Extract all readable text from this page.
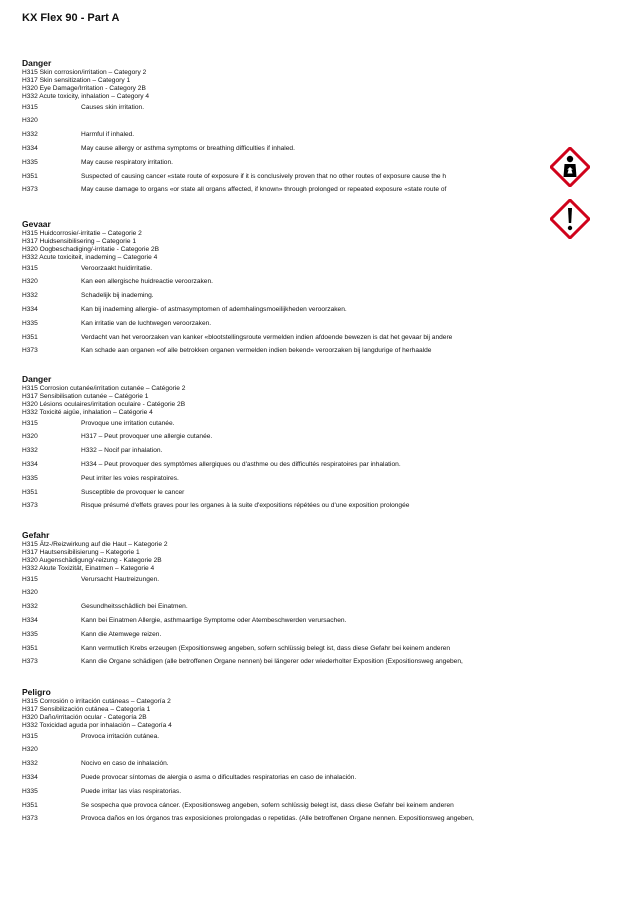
KX Flex 90 - Part A
Danger
H315 Skin corrosion/irritation – Category 2
H317 Skin sensitization – Category 1
H320 Eye Damage/Irritation - Category 2B
H332 Acute toxicity, inhalation – Category 4
H315	Causes skin irritation.
H320
H332	Harmful if inhaled.
H334	May cause allergy or asthma symptoms or breathing difficulties if inhaled.
H335	May cause respiratory irritation.
H351	Suspected of causing cancer «state route of exposure if it is conclusively proven that no other routes of exposure cause the h
H373	May cause damage to organs «or state all organs affected, if known» through prolonged or repeated exposure «state route of
Gevaar
H315 Huidcorrosie/-irritatie – Categorie 2
H317 Huidsensibilisering – Categorie 1
H320 Oogbeschadiging/-irritatie - Categorie 2B
H332 Acute toxiciteit, inademing – Categorie 4
H315	Veroorzaakt huidirritatie.
H320	Kan een allergische huidreactie veroorzaken.
H332	Schadelijk bij inademing.
H334	Kan bij inademing allergie- of astmasymptomen of ademhalingsmoeilijkheden veroorzaken.
H335	Kan irritatie van de luchtwegen veroorzaken.
H351	Verdacht van het veroorzaken van kanker «blootstellingsroute vermelden indien afdoende bewezen is dat het gevaar bij andere
H373	Kan schade aan organen «of alle betrokken organen vermelden indien bekend» veroorzaken bij langdurige of herhaalde
Danger
H315 Corrosion cutanée/irritation cutanée – Catégorie 2
H317 Sensibilisation cutanée – Catégorie 1
H320 Lésions oculaires/irritation oculaire - Catégorie 2B
H332 Toxicité aigüe, inhalation – Catégorie 4
H315	Provoque une irritation cutanée.
H320	H317 – Peut provoquer une allergie cutanée.
H332	H332 – Nocif par inhalation.
H334	H334 – Peut provoquer des symptômes allergiques ou d'asthme ou des difficultés respiratoires par inhalation.
H335	Peut irriter les voies respiratoires.
H351	Susceptible de provoquer le cancer
H373	Risque présumé d'effets graves pour les organes à la suite d'expositions répétées ou d'une exposition prolongée
Gefahr
H315 Ätz-/Reizwirkung auf die Haut – Kategorie 2
H317 Hautsensibilisierung – Kategorie 1
H320 Augenschädigung/-reizung - Kategorie 2B
H332 Akute Toxizität, Einatmen – Kategorie 4
H315	Verursacht Hautreizungen.
H320
H332	Gesundheitsschädlich bei Einatmen.
H334	Kann bei Einatmen Allergie, asthmaartige Symptome oder Atembeschwerden verursachen.
H335	Kann die Atemwege reizen.
H351	Kann vermutlich Krebs erzeugen (Expositionsweg angeben, sofern schlüssig belegt ist, dass diese Gefahr bei keinem anderen
H373	Kann die Organe schädigen (alle betroffenen Organe nennen) bei längerer oder wiederholter Exposition (Expositionsweg angeben,
Peligro
H315 Corrosión o irritación cutáneas – Categoría 2
H317 Sensibilización cutánea – Categoría 1
H320 Daño/irritación ocular - Categoría 2B
H332 Toxicidad aguda por inhalación – Categoría 4
H315	Provoca irritación cutánea.
H320
H332	Nocivo en caso de inhalación.
H334	Puede provocar síntomas de alergia o asma o dificultades respiratorias en caso de inhalación.
H335	Puede irritar las vías respiratorias.
H351	Se sospecha que provoca cáncer. (Expositionsweg angeben, sofern schlüssig belegt ist, dass diese Gefahr bei keinem anderen
H373	Provoca daños en los órganos tras exposiciones prolongadas o repetidas. (Alle betroffenen Organe nennen. Expositionsweg angeben,
